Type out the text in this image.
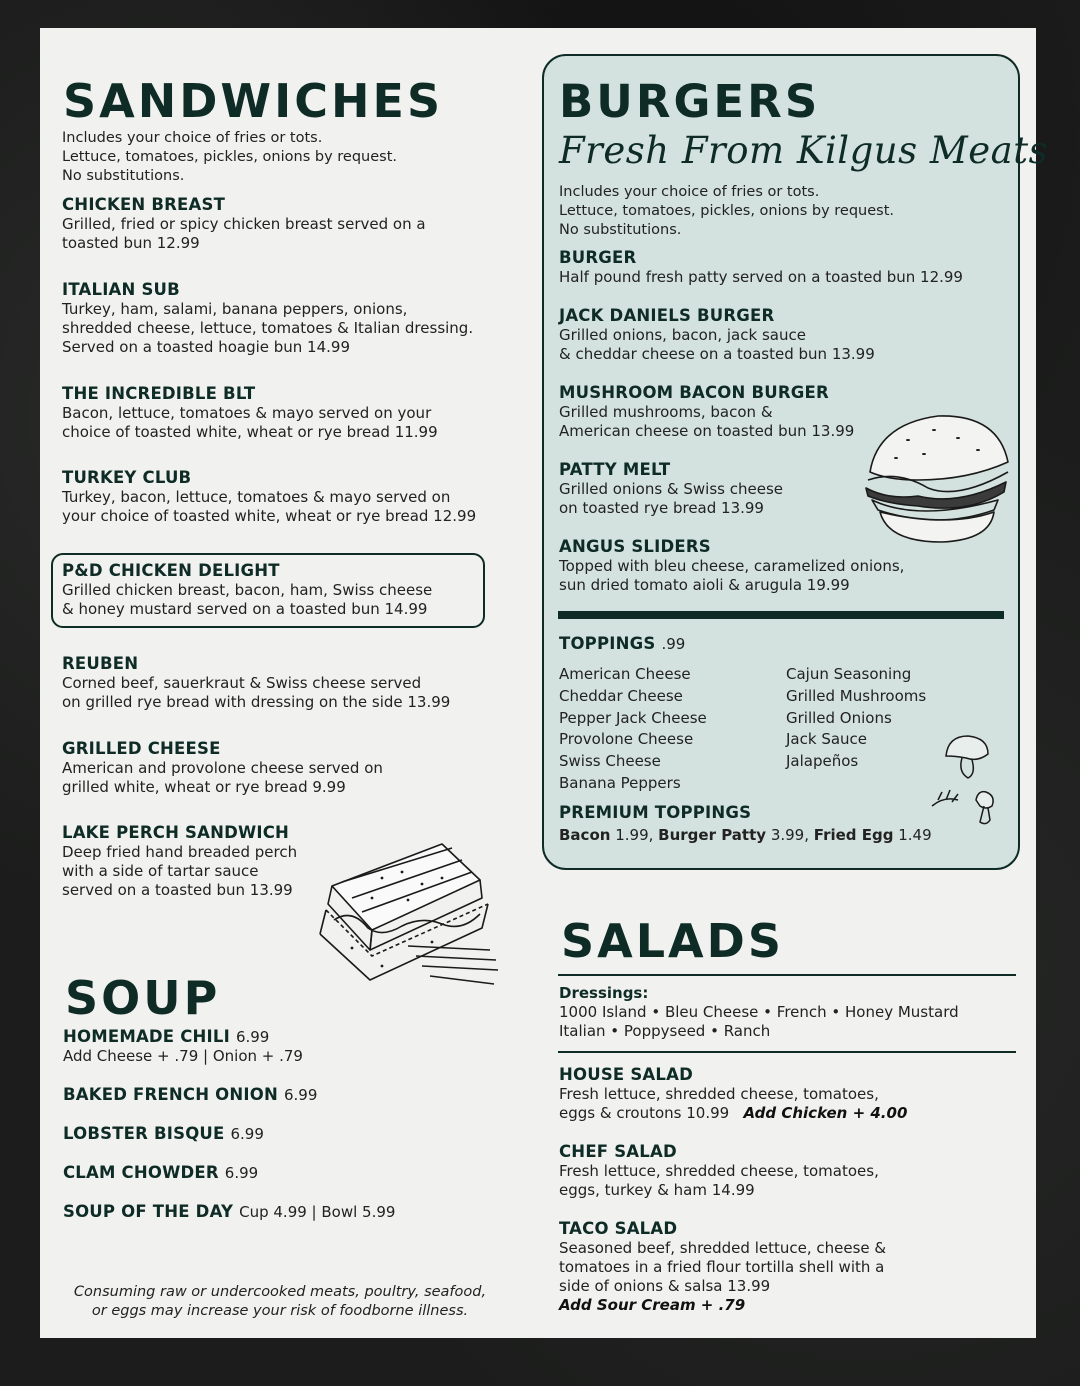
SANDWICHES
Includes your choice of fries or tots.
Lettuce, tomatoes, pickles, onions by request.
No substitutions.
CHICKEN BREAST
Grilled, fried or spicy chicken breast served on a
toasted bun 12.99
ITALIAN SUB
Turkey, ham, salami, banana peppers, onions,
shredded cheese, lettuce, tomatoes & Italian dressing.
Served on a toasted hoagie bun 14.99
THE INCREDIBLE BLT
Bacon, lettuce, tomatoes & mayo served on your
choice of toasted white, wheat or rye bread 11.99
TURKEY CLUB
Turkey, bacon, lettuce, tomatoes & mayo served on
your choice of toasted white, wheat or rye bread 12.99
P&D CHICKEN DELIGHT
Grilled chicken breast, bacon, ham, Swiss cheese
& honey mustard served on a toasted bun 14.99
REUBEN
Corned beef, sauerkraut & Swiss cheese served
on grilled rye bread with dressing on the side 13.99
GRILLED CHEESE
American and provolone cheese served on
grilled white, wheat or rye bread 9.99
LAKE PERCH SANDWICH
Deep fried hand breaded perch
with a side of tartar sauce
served on a toasted bun 13.99
SOUP
HOMEMADE CHILI 6.99
Add Cheese + .79 | Onion + .79
BAKED FRENCH ONION 6.99
LOBSTER BISQUE 6.99
CLAM CHOWDER 6.99
SOUP OF THE DAY Cup 4.99 | Bowl 5.99
Consuming raw or undercooked meats, poultry, seafood,
or eggs may increase your risk of foodborne illness.
BURGERS
Fresh From Kilgus Meats
Includes your choice of fries or tots.
Lettuce, tomatoes, pickles, onions by request.
No substitutions.
BURGER
Half pound fresh patty served on a toasted bun 12.99
JACK DANIELS BURGER
Grilled onions, bacon, jack sauce
& cheddar cheese on a toasted bun 13.99
MUSHROOM BACON BURGER
Grilled mushrooms, bacon &
American cheese on toasted bun 13.99
PATTY MELT
Grilled onions & Swiss cheese
on toasted rye bread 13.99
ANGUS SLIDERS
Topped with bleu cheese, caramelized onions,
sun dried tomato aioli & arugula 19.99
TOPPINGS .99
American Cheese
Cheddar Cheese
Pepper Jack Cheese
Provolone Cheese
Swiss Cheese
Banana Peppers
Cajun Seasoning
Grilled Mushrooms
Grilled Onions
Jack Sauce
Jalapeños
PREMIUM TOPPINGS
Bacon 1.99, Burger Patty 3.99, Fried Egg 1.49
SALADS
Dressings:
1000 Island • Bleu Cheese • French • Honey Mustard
Italian • Poppyseed • Ranch
HOUSE SALAD
Fresh lettuce, shredded cheese, tomatoes,
eggs & croutons 10.99 Add Chicken + 4.00
CHEF SALAD
Fresh lettuce, shredded cheese, tomatoes,
eggs, turkey & ham 14.99
TACO SALAD
Seasoned beef, shredded lettuce, cheese &
tomatoes in a fried flour tortilla shell with a
side of onions & salsa 13.99
Add Sour Cream + .79
